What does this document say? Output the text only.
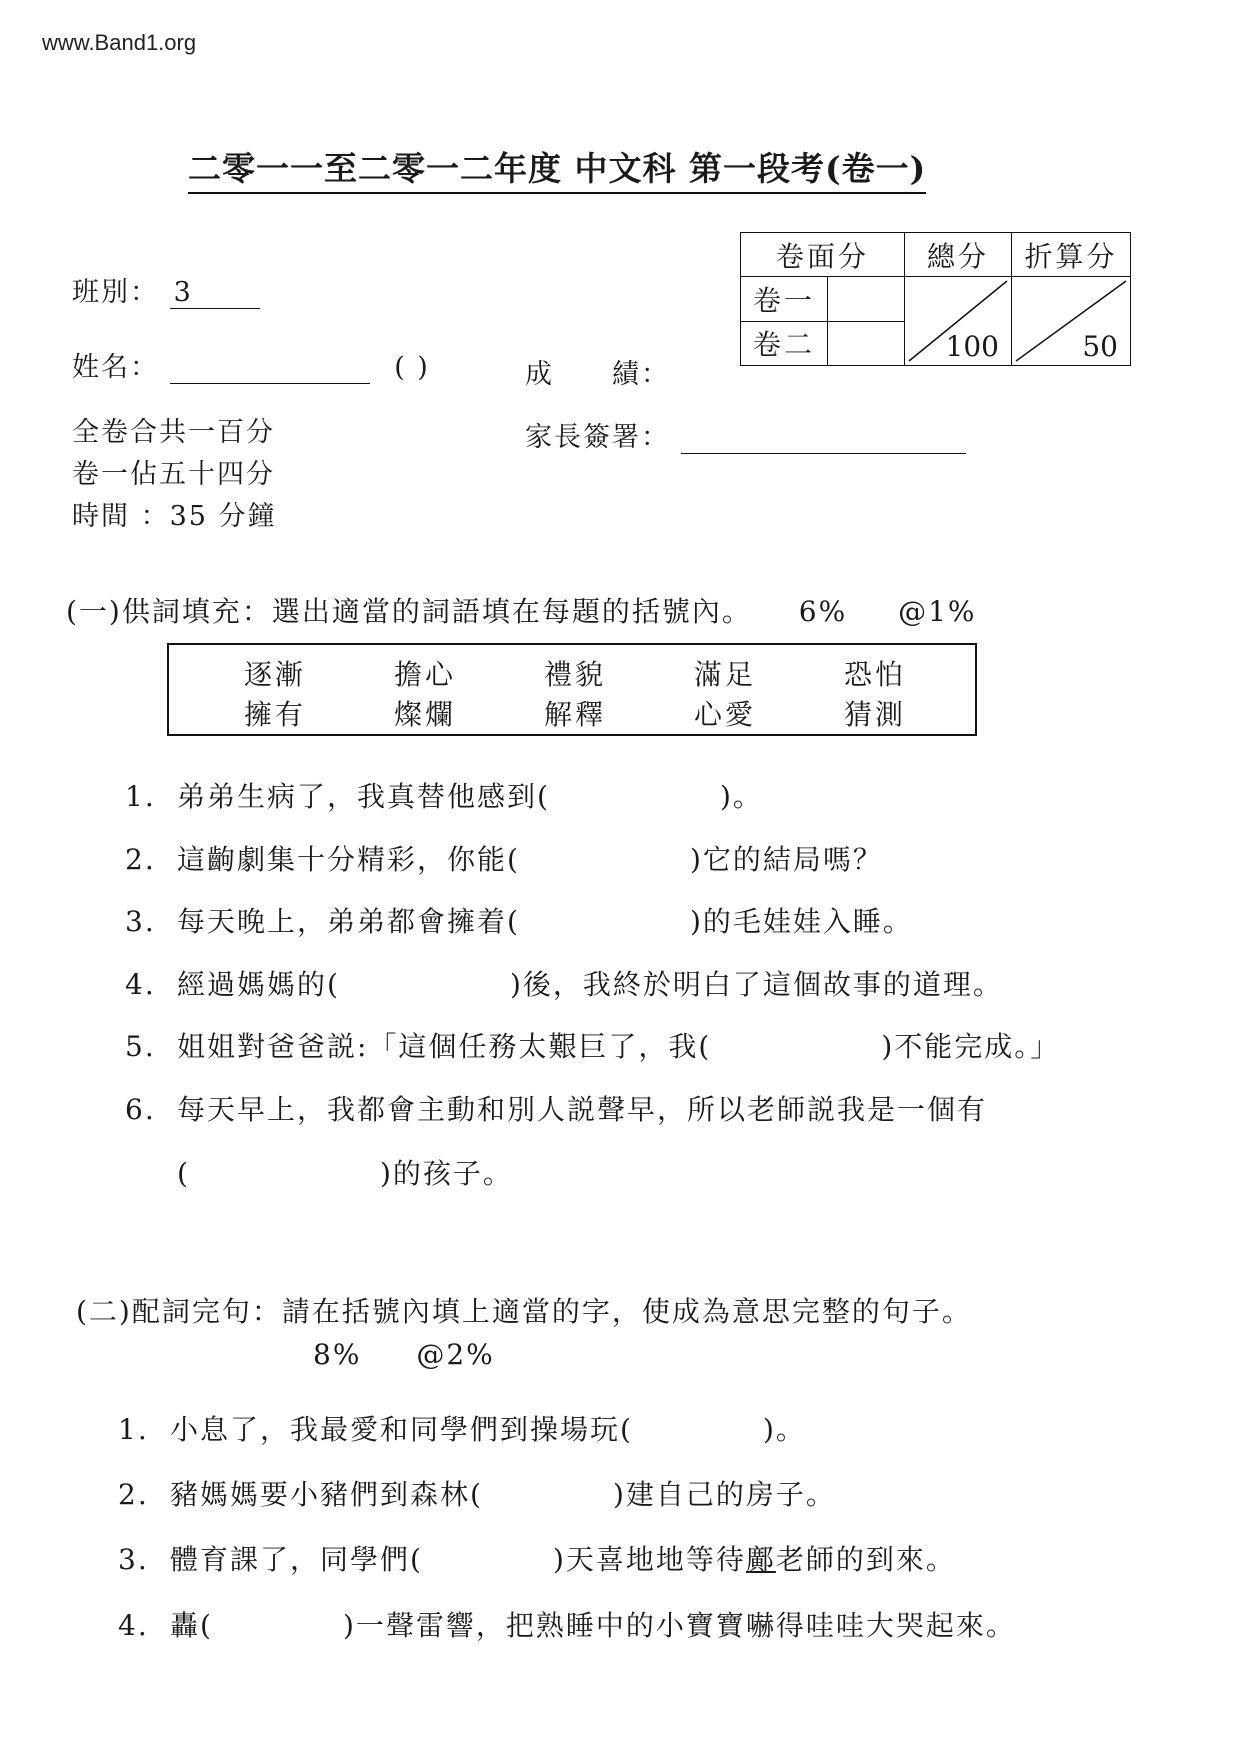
www.Band1.org
二零一一至二零一二年度 中文科 第一段考(卷一)
班別： 3
姓名：	( )	成　　績：
全卷合共一百分
卷一佔五十四分
時間 ：35 分鐘
家長簽署：
卷面分		總分	折算分
卷一		100	50

卷二			
(一)供詞填充：選出適當的詞語填在每題的括號內。 6% @1%
逐漸	擔心	禮貌	滿足	恐怕
擁有	燦爛	解釋	心愛	猜測
1. 弟弟生病了，我真替他感到(	)。
2. 這齣劇集十分精彩，你能(	)它的結局嗎？
3. 每天晚上，弟弟都會擁着(	)的毛娃娃入睡。
4. 經過媽媽的(	)後，我終於明白了這個故事的道理。
5. 姐姐對爸爸説:「這個任務太艱巨了，我(	)不能完成。」
6. 每天早上，我都會主動和別人説聲早，所以老師説我是一個有
(	)的孩子。
(二)配詞完句：請在括號內填上適當的字，使成為意思完整的句子。
8% @2%
1. 小息了，我最愛和同學們到操場玩(	)。
2. 豬媽媽要小豬們到森林(	)建自己的房子。
3. 體育課了，同學們(	)天喜地地等待鄺老師的到來。
4. 轟(	)一聲雷響，把熟睡中的小寶寶嚇得哇哇大哭起來。
